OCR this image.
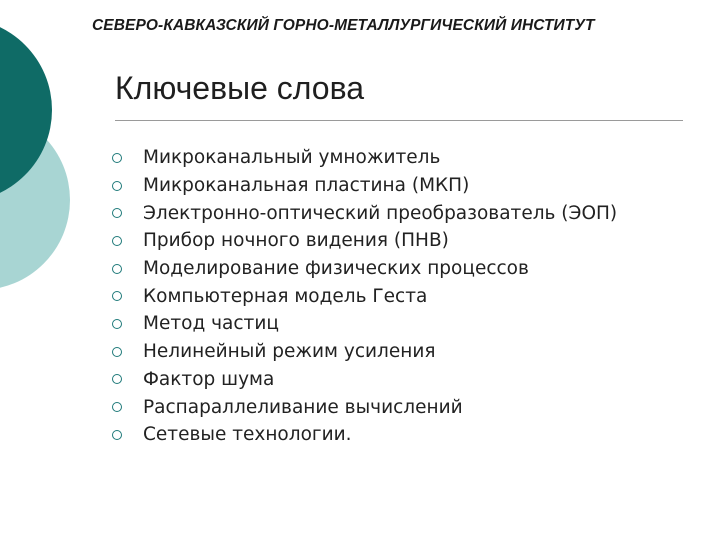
СЕВЕРО-КАВКАЗСКИЙ ГОРНО-МЕТАЛЛУРГИЧЕСКИЙ ИНСТИТУТ
Ключевые слова
Микроканальный умножитель
Микроканальная пластина (МКП)
Электронно-оптический преобразователь (ЭОП)
Прибор ночного видения (ПНВ)
Моделирование физических процессов
Компьютерная модель Геста
Метод частиц
Нелинейный режим усиления
Фактор шума
Распараллеливание вычислений
Сетевые технологии.
